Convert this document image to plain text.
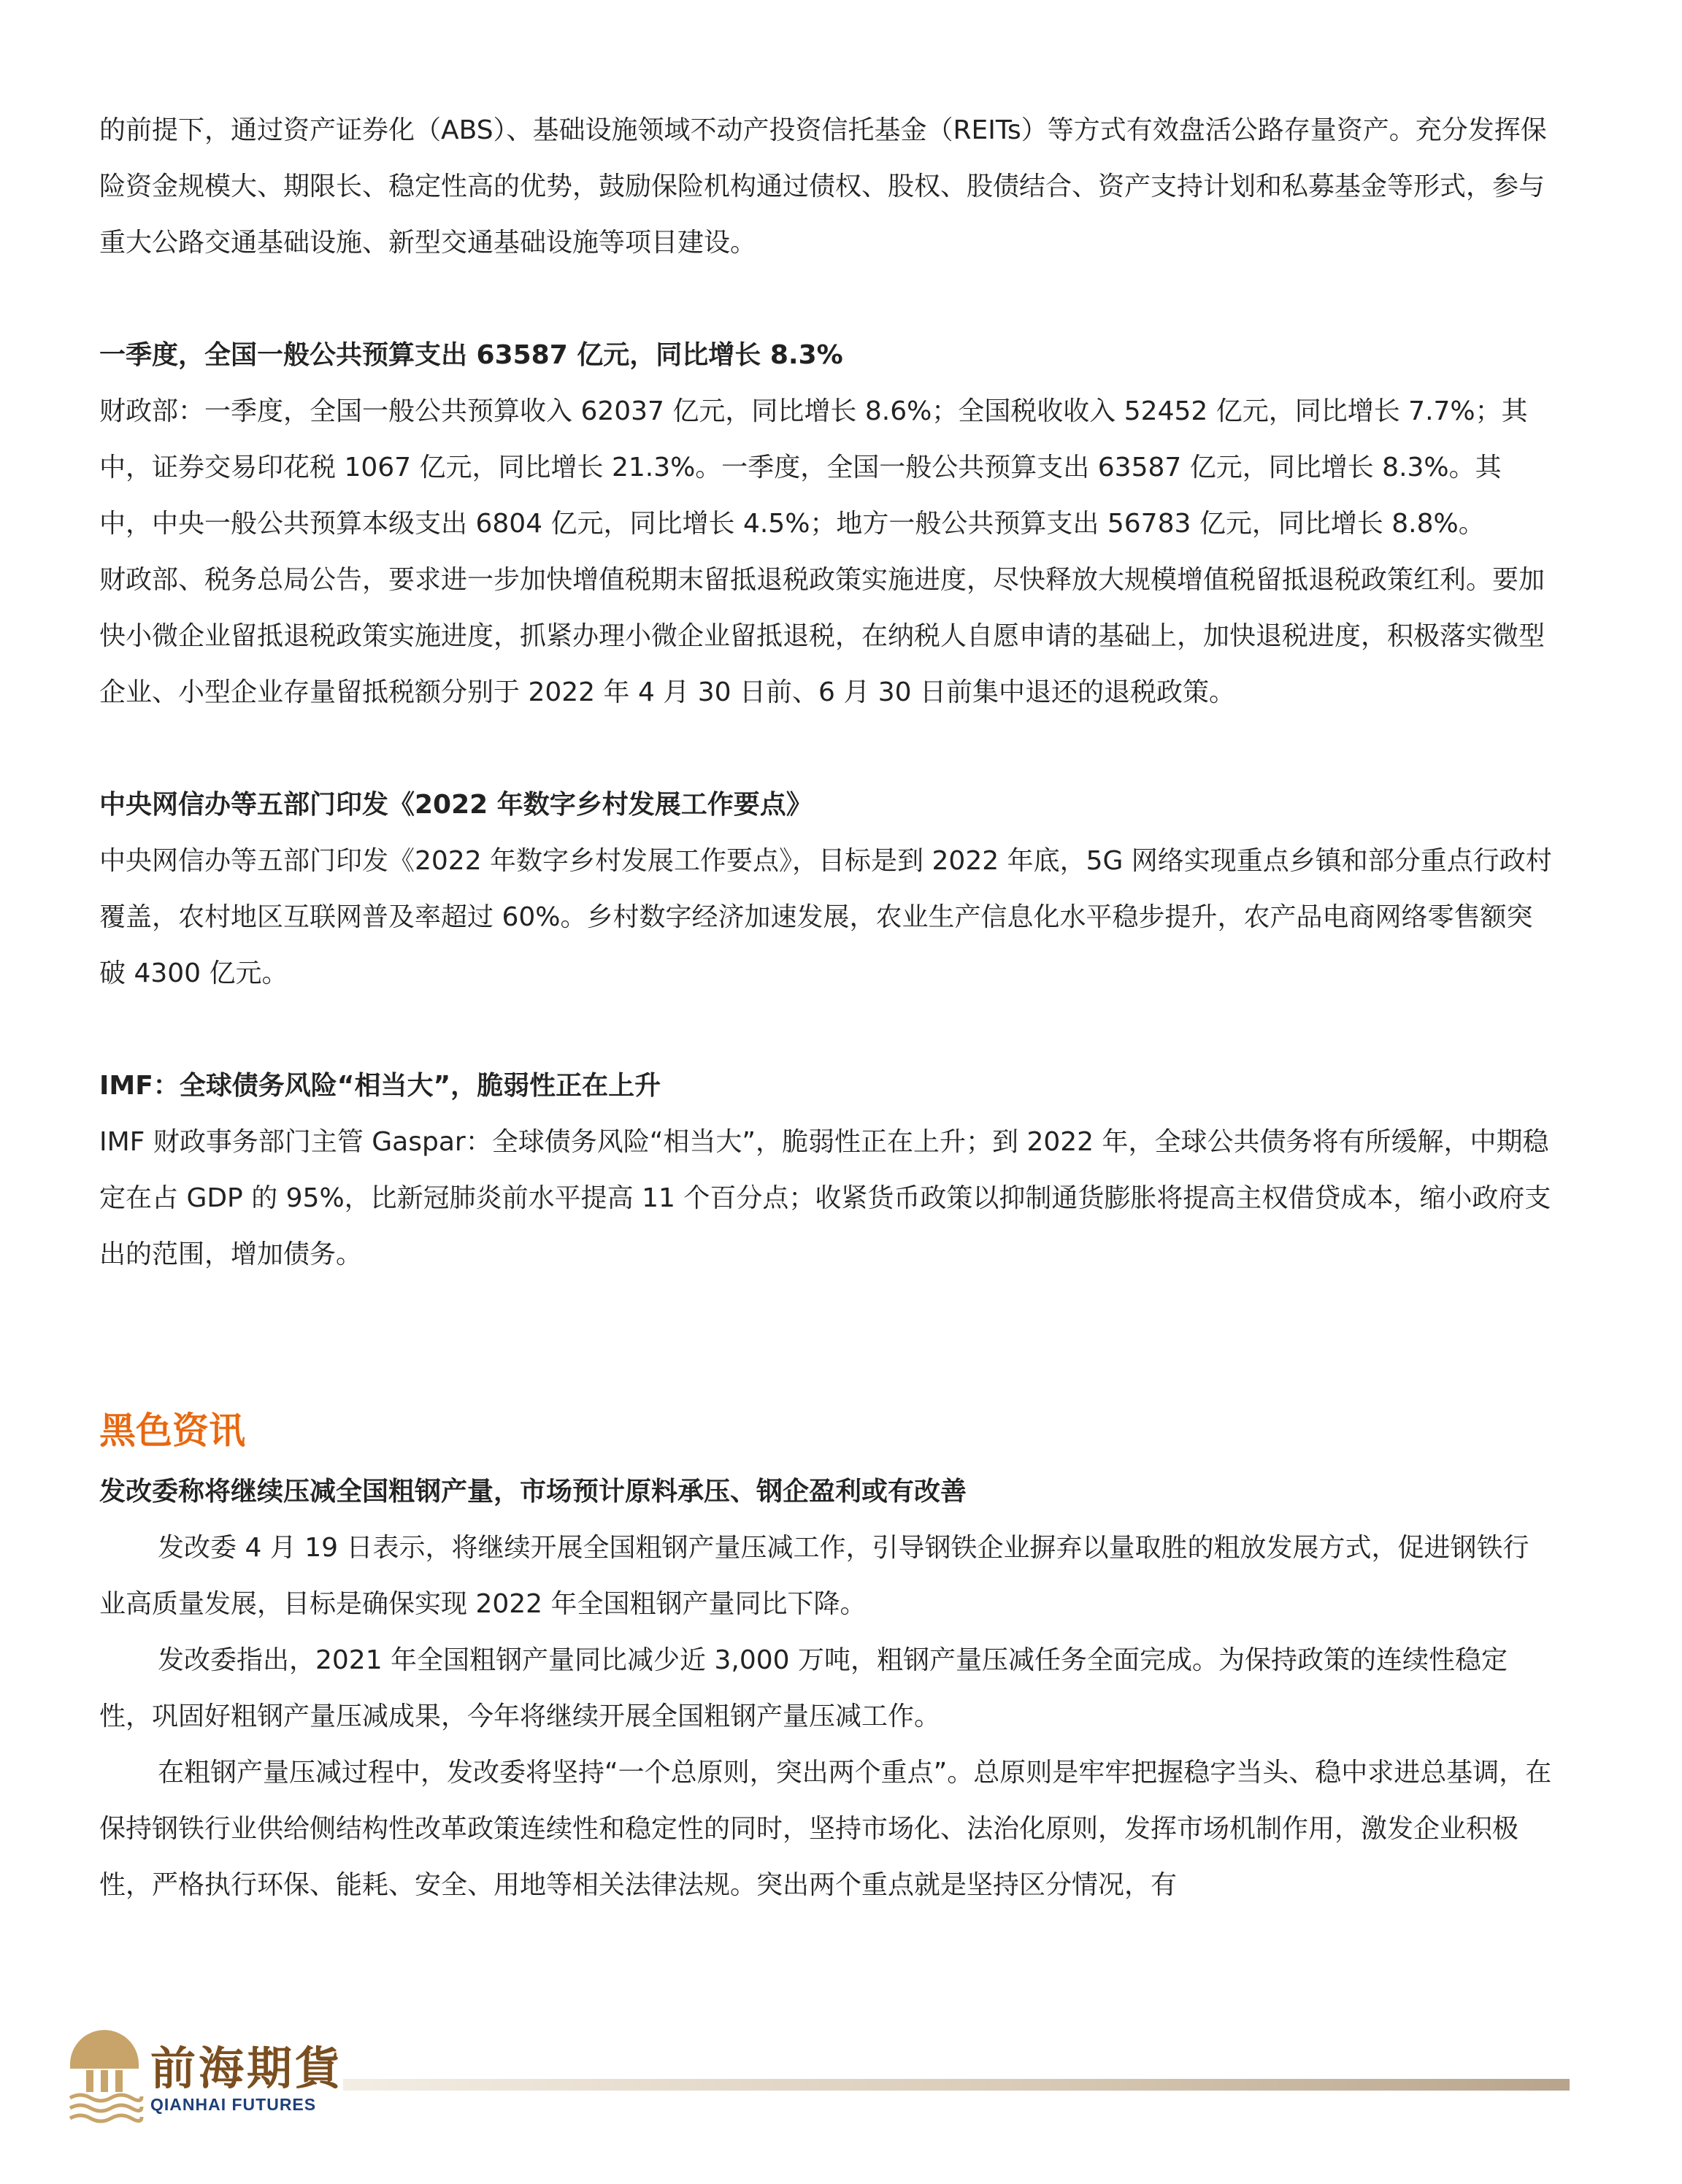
的前提下，通过资产证券化（ABS）、基础设施领域不动产投资信托基金（REITs）等方式有效盘活公路存量资产。充分发挥保险资金规模大、期限长、稳定性高的优势，鼓励保险机构通过债权、股权、股债结合、资产支持计划和私募基金等形式，参与重大公路交通基础设施、新型交通基础设施等项目建设。

一季度，全国一般公共预算支出 63587 亿元，同比增长 8.3%

财政部：一季度，全国一般公共预算收入 62037 亿元，同比增长 8.6%；全国税收收入 52452 亿元，同比增长 7.7%；其中，证券交易印花税 1067 亿元，同比增长 21.3%。一季度，全国一般公共预算支出 63587 亿元，同比增长 8.3%。其中，中央一般公共预算本级支出 6804 亿元，同比增长 4.5%；地方一般公共预算支出 56783 亿元，同比增长 8.8%。

财政部、税务总局公告，要求进一步加快增值税期末留抵退税政策实施进度，尽快释放大规模增值税留抵退税政策红利。要加快小微企业留抵退税政策实施进度，抓紧办理小微企业留抵退税，在纳税人自愿申请的基础上，加快退税进度，积极落实微型企业、小型企业存量留抵税额分别于 2022 年 4 月 30 日前、6 月 30 日前集中退还的退税政策。

中央网信办等五部门印发《2022 年数字乡村发展工作要点》

中央网信办等五部门印发《2022 年数字乡村发展工作要点》，目标是到 2022 年底，5G 网络实现重点乡镇和部分重点行政村覆盖，农村地区互联网普及率超过 60%。乡村数字经济加速发展，农业生产信息化水平稳步提升，农产品电商网络零售额突破 4300 亿元。

IMF：全球债务风险“相当大”，脆弱性正在上升

IMF 财政事务部门主管 Gaspar：全球债务风险“相当大”，脆弱性正在上升；到 2022 年，全球公共债务将有所缓解，中期稳定在占 GDP 的 95%，比新冠肺炎前水平提高 11 个百分点；收紧货币政策以抑制通货膨胀将提高主权借贷成本，缩小政府支出的范围，增加债务。

黑色资讯

发改委称将继续压减全国粗钢产量，市场预计原料承压、钢企盈利或有改善

发改委 4 月 19 日表示，将继续开展全国粗钢产量压减工作，引导钢铁企业摒弃以量取胜的粗放发展方式，促进钢铁行业高质量发展，目标是确保实现 2022 年全国粗钢产量同比下降。

发改委指出，2021 年全国粗钢产量同比减少近 3,000 万吨，粗钢产量压减任务全面完成。为保持政策的连续性稳定性，巩固好粗钢产量压减成果，今年将继续开展全国粗钢产量压减工作。

在粗钢产量压减过程中，发改委将坚持“一个总原则，突出两个重点”。总原则是牢牢把握稳字当头、稳中求进总基调，在保持钢铁行业供给侧结构性改革政策连续性和稳定性的同时，坚持市场化、法治化原则，发挥市场机制作用，激发企业积极性，严格执行环保、能耗、安全、用地等相关法律法规。突出两个重点就是坚持区分情况，有

前海期貨
QIANHAI FUTURES
